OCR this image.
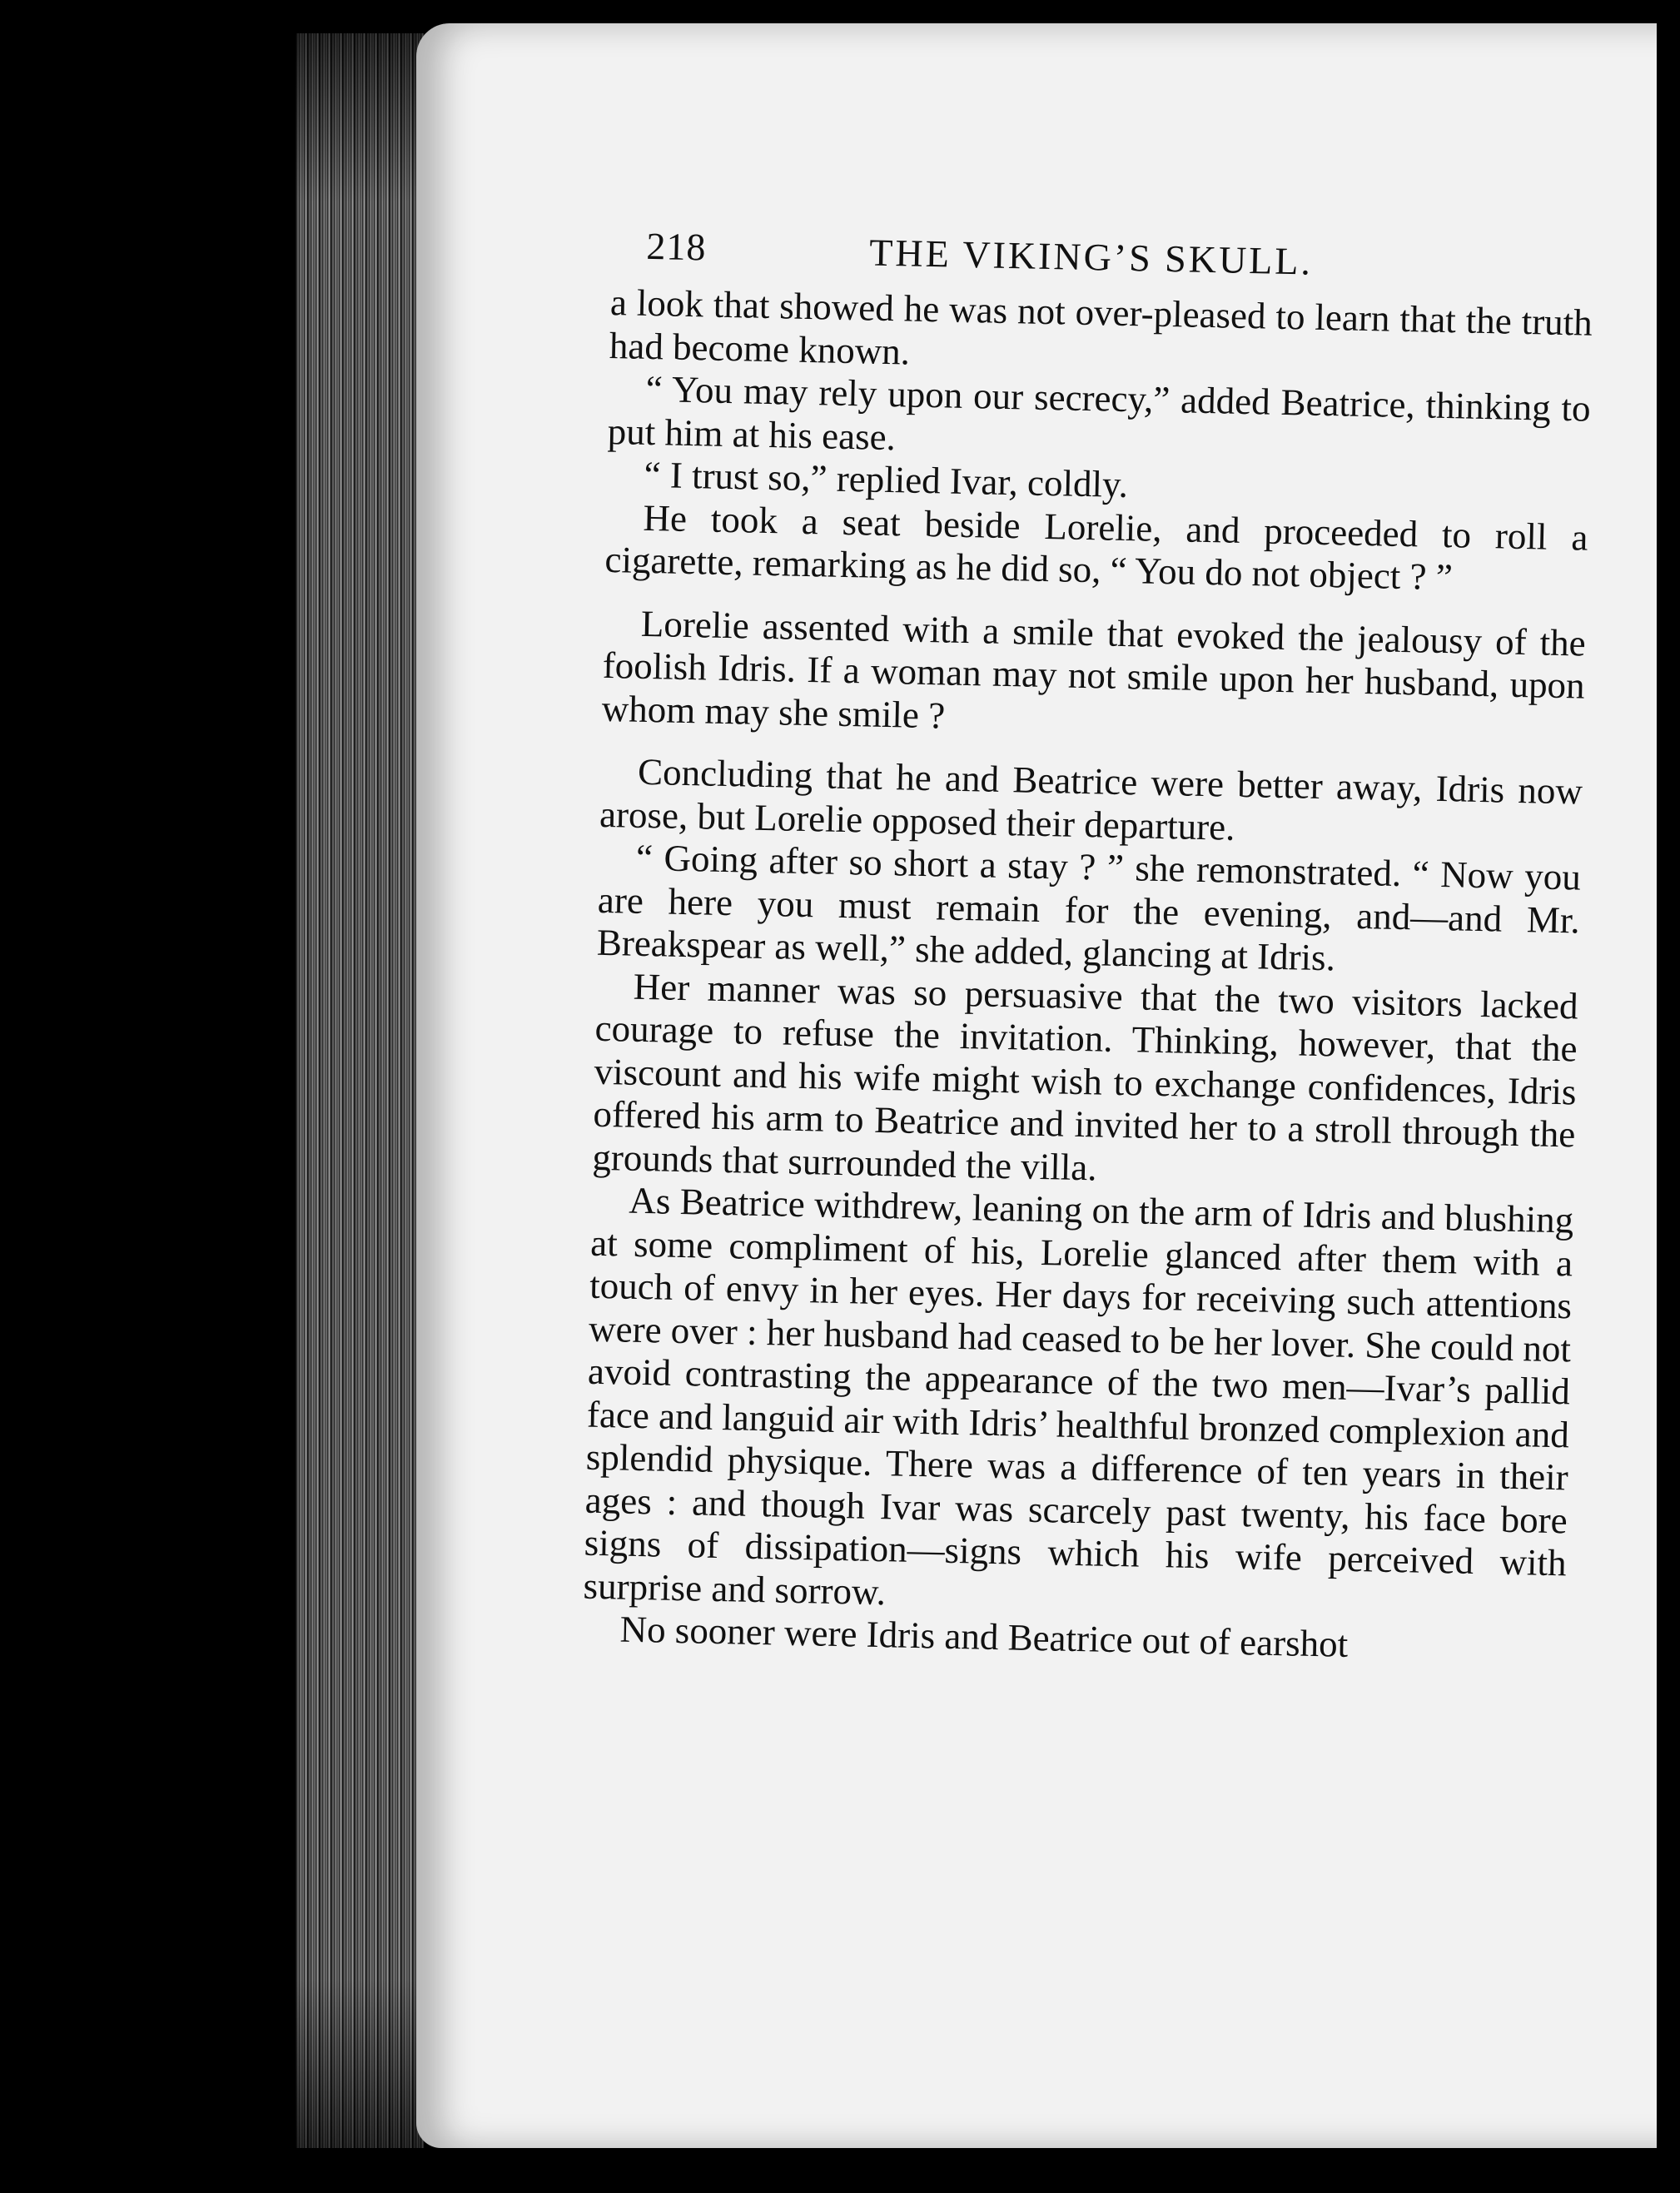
218	THE VIKING’S SKULL.

a look that showed he was not over-pleased to learn that the truth had become known.

“ You may rely upon our secrecy,” added Beatrice, thinking to put him at his ease.

“ I trust so,” replied Ivar, coldly.

He took a seat beside Lorelie, and proceeded to roll a cigarette, remarking as he did so, “ You do not object ? ”

Lorelie assented with a smile that evoked the jealousy of the foolish Idris. If a woman may not smile upon her husband, upon whom may she smile ?

Concluding that he and Beatrice were better away, Idris now arose, but Lorelie opposed their departure.

“ Going after so short a stay ? ” she remonstrated. “ Now you are here you must remain for the evening, and—and Mr. Breakspear as well,” she added, glancing at Idris.

Her manner was so persuasive that the two visitors lacked courage to refuse the invitation. Thinking, however, that the viscount and his wife might wish to exchange confidences, Idris offered his arm to Beatrice and invited her to a stroll through the grounds that surrounded the villa.

As Beatrice withdrew, leaning on the arm of Idris and blushing at some compliment of his, Lorelie glanced after them with a touch of envy in her eyes. Her days for receiving such attentions were over : her husband had ceased to be her lover. She could not avoid contrasting the appearance of the two men—Ivar’s pallid face and languid air with Idris’ healthful bronzed complexion and splendid physique. There was a difference of ten years in their ages : and though Ivar was scarcely past twenty, his face bore signs of dissipation—signs which his wife perceived with surprise and sorrow.

No sooner were Idris and Beatrice out of earshot
